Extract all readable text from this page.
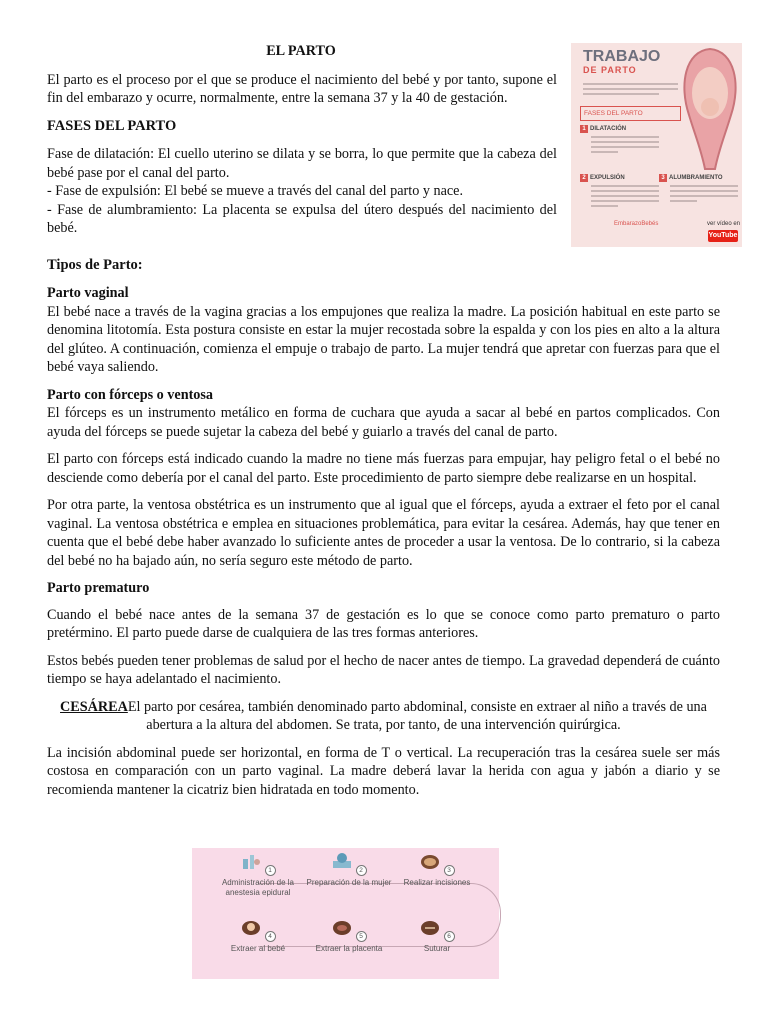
EL PARTO

El parto es el proceso por el que se produce el nacimiento del bebé y por tanto, supone el fin del embarazo y ocurre, normalmente, entre la semana 37 y la 40 de gestación.

FASES DEL PARTO
Fase de dilatación: El cuello uterino se dilata y se borra, lo que permite que la cabeza del bebé pase por el canal del parto.
- Fase de expulsión: El bebé se mueve a través del canal del parto y nace.
- Fase de alumbramiento: La placenta se expulsa del útero después del nacimiento del bebé.
Tipos de Parto:
Parto vaginal

El bebé nace a través de la vagina gracias a los empujones que realiza la madre. La posición habitual en este parto se denomina litotomía. Esta postura consiste en estar la mujer recostada sobre la espalda y con los pies en alto a la altura del glúteo. A continuación, comienza el empuje o trabajo de parto. La mujer tendrá que apretar con fuerzas para que el bebé vaya saliendo.

Parto con fórceps o ventosa

El fórceps es un instrumento metálico en forma de cuchara que ayuda a sacar al bebé en partos complicados. Con ayuda del fórceps se puede sujetar la cabeza del bebé y guiarlo a través del canal de parto.

El parto con fórceps está indicado cuando la madre no tiene más fuerzas para empujar, hay peligro fetal o el bebé no desciende como debería por el canal del parto. Este procedimiento de parto siempre debe realizarse en un hospital.

Por otra parte, la ventosa obstétrica es un instrumento que al igual que el fórceps, ayuda a extraer el feto por el canal vaginal. La ventosa obstétrica e emplea en situaciones problemática, para evitar la cesárea. Además, hay que tener en cuenta que el bebé debe haber avanzado lo suficiente antes de proceder a usar la ventosa. De lo contrario, si la cabeza del bebé no ha bajado aún, no sería seguro este método de parto.

Parto prematuro

Cuando el bebé nace antes de la semana 37 de gestación es lo que se conoce como parto prematuro o parto pretérmino. El parto puede darse de cualquiera de las tres formas anteriores.

Estos bebés pueden tener problemas de salud por el hecho de nacer antes de tiempo. La gravedad dependerá de cuánto tiempo se haya adelantado el nacimiento.

CESÁREAEl parto por cesárea, también denominado parto abdominal, consiste en extraer al niño a través de una abertura a la altura del abdomen. Se trata, por tanto, de una intervención quirúrgica.

La incisión abdominal puede ser horizontal, en forma de T o vertical. La recuperación tras la cesárea suele ser más costosa en comparación con un parto vaginal. La madre deberá lavar la herida con agua y jabón a diario y se recomienda mantener la cicatriz bien hidratada en todo momento.

TRABAJO
DE PARTO
FASES DEL PARTO
1 DILATACIÓN
2 EXPULSIÓN	3 ALUMBRAMIENTO
EmbarazoBebés	ver vídeo en
YouTube
1
Administración de la anestesia epidural
2
Preparación de la mujer
3
Realizar incisiones
4
Extraer al bebé
5
Extraer la placenta
6
Suturar
